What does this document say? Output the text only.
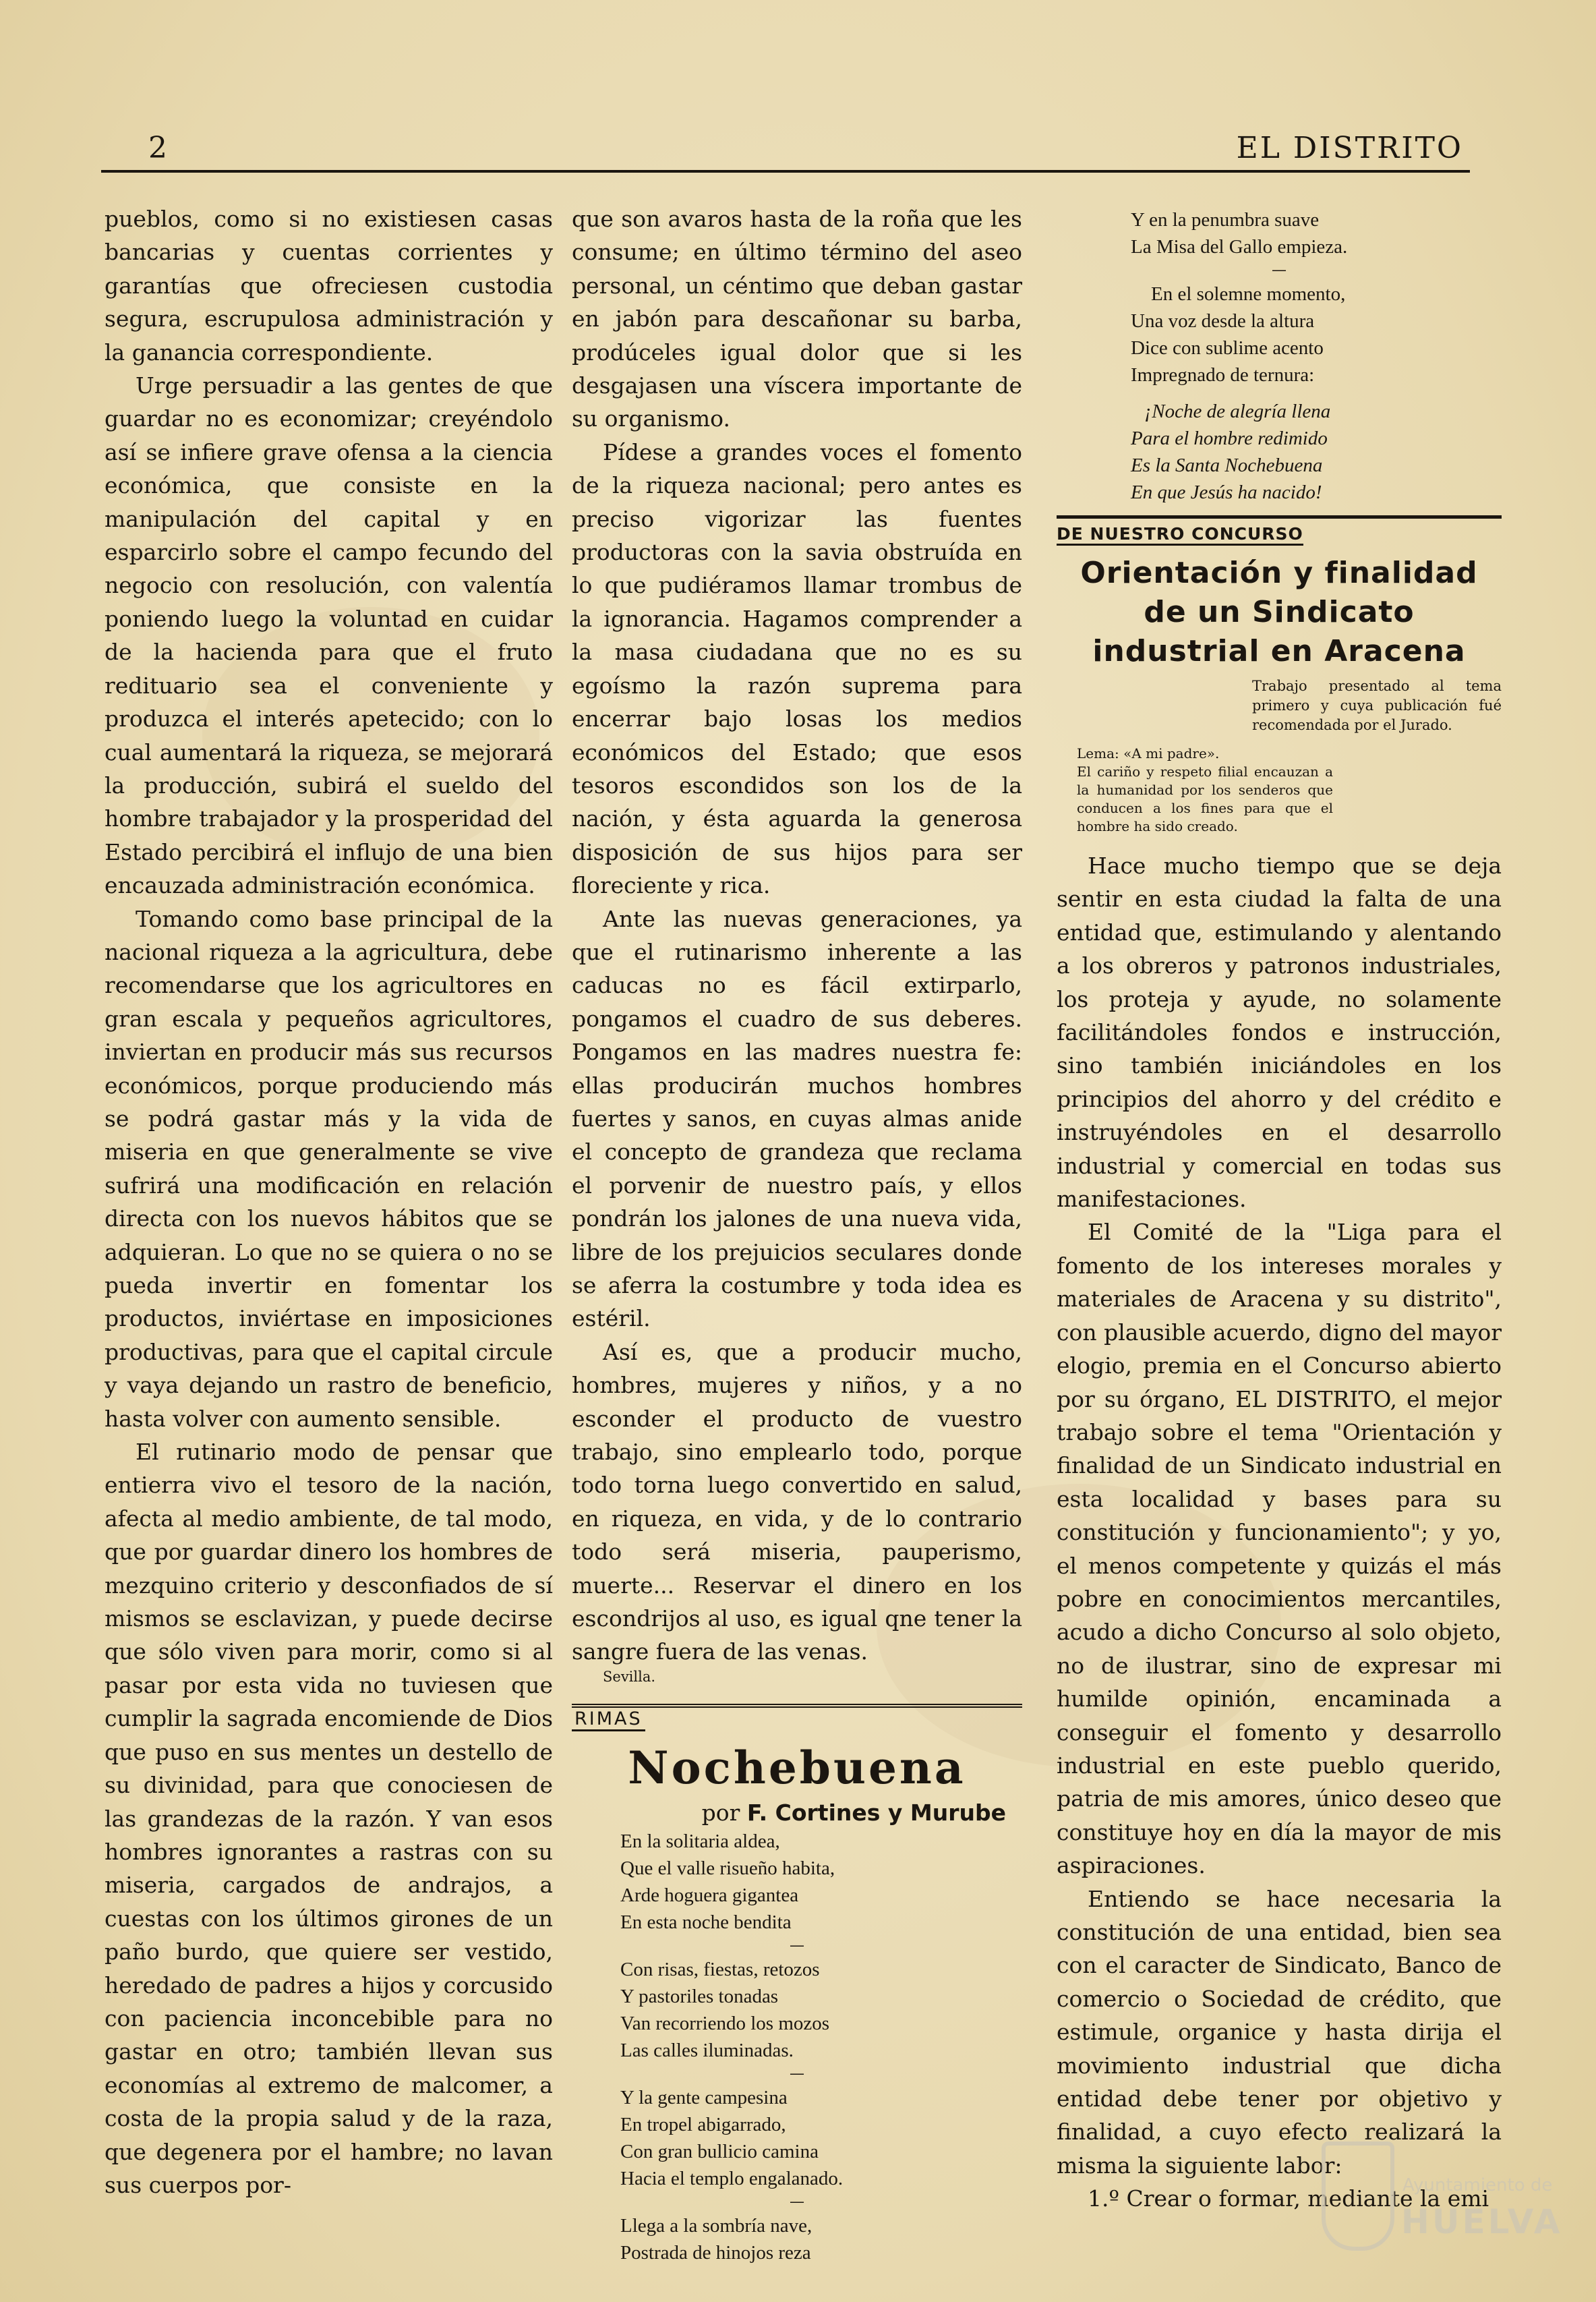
2	EL DISTRITO

pueblos, como si no existiesen casas bancarias y cuentas corrientes y garantías que ofreciesen custodia segura, escrupulosa administración y la ganancia correspondiente.

Urge persuadir a las gentes de que guardar no es economizar; creyéndolo así se infiere grave ofensa a la ciencia económica, que consiste en la manipulación del capital y en esparcirlo sobre el campo fecundo del negocio con resolución, con valentía poniendo luego la voluntad en cuidar de la hacienda para que el fruto redituario sea el conveniente y produzca el interés apetecido; con lo cual aumentará la riqueza, se mejorará la producción, subirá el sueldo del hombre trabajador y la prosperidad del Estado percibirá el influjo de una bien encauzada administración económica.

Tomando como base principal de la nacional riqueza a la agricultura, debe recomendarse que los agricultores en gran escala y pequeños agricultores, inviertan en producir más sus recursos económicos, porque produciendo más se podrá gastar más y la vida de miseria en que generalmente se vive sufrirá una modificación en relación directa con los nuevos hábitos que se adquieran. Lo que no se quiera o no se pueda invertir en fomentar los productos, inviértase en imposiciones productivas, para que el capital circule y vaya dejando un rastro de beneficio, hasta volver con aumento sensible.

El rutinario modo de pensar que entierra vivo el tesoro de la nación, afecta al medio ambiente, de tal modo, que por guardar dinero los hombres de mezquino criterio y desconfiados de sí mismos se esclavizan, y puede decirse que sólo viven para morir, como si al pasar por esta vida no tuviesen que cumplir la sagrada encomiende de Dios que puso en sus mentes un destello de su divinidad, para que conociesen de las grandezas de la razón. Y van esos hombres ignorantes a rastras con su miseria, cargados de andrajos, a cuestas con los últimos girones de un paño burdo, que quiere ser vestido, heredado de padres a hijos y corcusido con paciencia inconcebible para no gastar en otro; también llevan sus economías al extremo de malcomer, a costa de la propia salud y de la raza, que degenera por el hambre; no lavan sus cuerpos por-

que son avaros hasta de la roña que les consume; en último término del aseo personal, un céntimo que deban gastar en jabón para descañonar su barba, prodúceles igual dolor que si les desgajasen una víscera importante de su organismo.

Pídese a grandes voces el fomento de la riqueza nacional; pero antes es preciso vigorizar las fuentes productoras con la savia obstruída en lo que pudiéramos llamar trombus de la ignorancia. Hagamos comprender a la masa ciudadana que no es su egoísmo la razón suprema para encerrar bajo losas los medios económicos del Estado; que esos tesoros escondidos son los de la nación, y ésta aguarda la generosa disposición de sus hijos para ser floreciente y rica.

Ante las nuevas generaciones, ya que el rutinarismo inherente a las caducas no es fácil extirparlo, pongamos el cuadro de sus deberes. Pongamos en las madres nuestra fe: ellas producirán muchos hombres fuertes y sanos, en cuyas almas anide el concepto de grandeza que reclama el porvenir de nuestro país, y ellos pondrán los jalones de una nueva vida, libre de los prejuicios seculares donde se aferra la costumbre y toda idea es estéril.

Así es, que a producir mucho, hombres, mujeres y niños, y a no esconder el producto de vuestro trabajo, sino emplearlo todo, porque todo torna luego convertido en salud, en riqueza, en vida, y de lo contrario todo será miseria, pauperismo, muerte... Reservar el dinero en los escondrijos al uso, es igual qne tener la sangre fuera de las venas.

Sevilla.

RIMAS
Nochebuena
por F. Cortines y Murube
En la solitaria aldea,
Que el valle risueño habita,
Arde hoguera gigantea
En esta noche bendita
—
Con risas, fiestas, retozos
Y pastoriles tonadas
Van recorriendo los mozos
Las calles iluminadas.
—
Y la gente campesina
En tropel abigarrado,
Con gran bullicio camina
Hacia el templo engalanado.
—
Llega a la sombría nave,
Postrada de hinojos reza
Y en la penumbra suave
La Misa del Gallo empieza.
—
En el solemne momento,
Una voz desde la altura
Dice con sublime acento
Impregnado de ternura:
¡Noche de alegría llena
Para el hombre redimido
Es la Santa Nochebuena
En que Jesús ha nacido!
DE NUESTRO CONCURSO
Orientación y finalidad de un Sindicato industrial en Aracena
Trabajo presentado al tema primero y cuya publicación fué recomendada por el Jurado.
Lema: «A mi padre».
El cariño y respeto filial encauzan a la humanidad por los senderos que conducen a los fines para que el hombre ha sido creado.

Hace mucho tiempo que se deja sentir en esta ciudad la falta de una entidad que, estimulando y alentando a los obreros y patronos industriales, los proteja y ayude, no solamente facilitándoles fondos e instrucción, sino también iniciándoles en los principios del ahorro y del crédito e instruyéndoles en el desarrollo industrial y comercial en todas sus manifestaciones.

El Comité de la "Liga para el fomento de los intereses morales y materiales de Aracena y su distrito", con plausible acuerdo, digno del mayor elogio, premia en el Concurso abierto por su órgano, EL DISTRITO, el mejor trabajo sobre el tema "Orientación y finalidad de un Sindicato industrial en esta localidad y bases para su constitución y funcionamiento"; y yo, el menos competente y quizás el más pobre en conocimientos mercantiles, acudo a dicho Concurso al solo objeto, no de ilustrar, sino de expresar mi humilde opinión, encaminada a conseguir el fomento y desarrollo industrial en este pueblo querido, patria de mis amores, único deseo que constituye hoy en día la mayor de mis aspiraciones.

Entiendo se hace necesaria la constitución de una entidad, bien sea con el caracter de Sindicato, Banco de comercio o Sociedad de crédito, que estimule, organice y hasta dirija el movimiento industrial que dicha entidad debe tener por objetivo y finalidad, a cuyo efecto realizará la misma la siguiente labor:

1.º Crear o formar, mediante la emi

Ayuntamiento de
HUELVA
